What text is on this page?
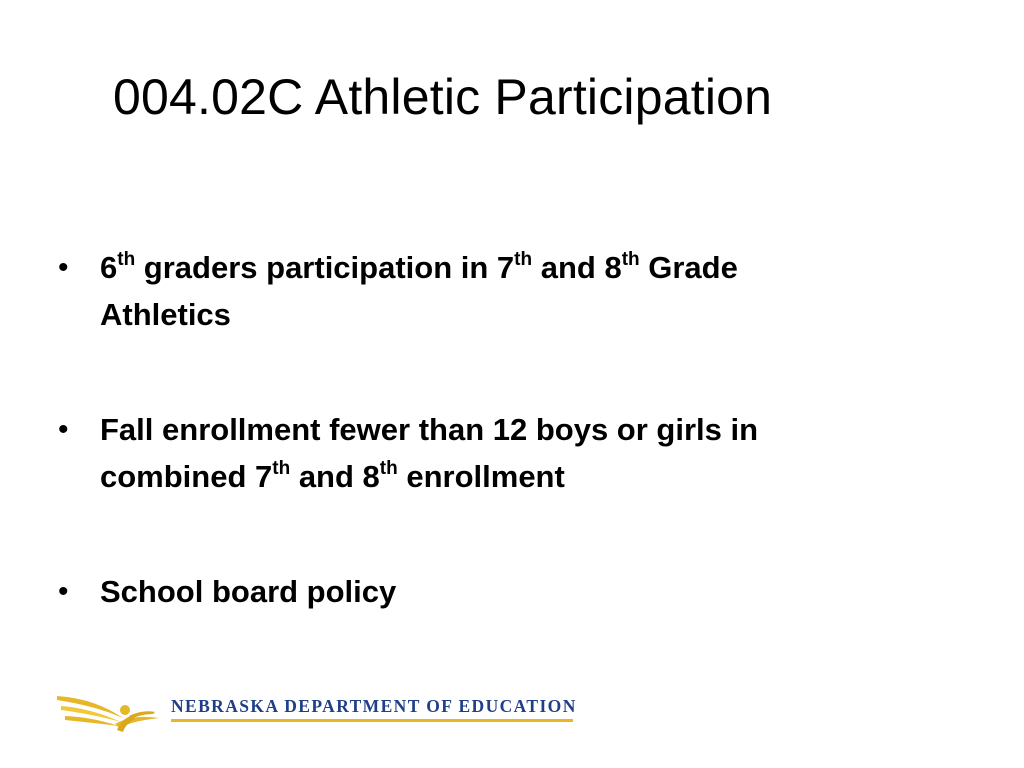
004.02C Athletic Participation
• 6th graders participation in 7th and 8th Grade
Athletics
• Fall enrollment fewer than 12 boys or girls in
combined 7th and 8th enrollment
• School board policy
NEBRASKA DEPARTMENT OF EDUCATION
